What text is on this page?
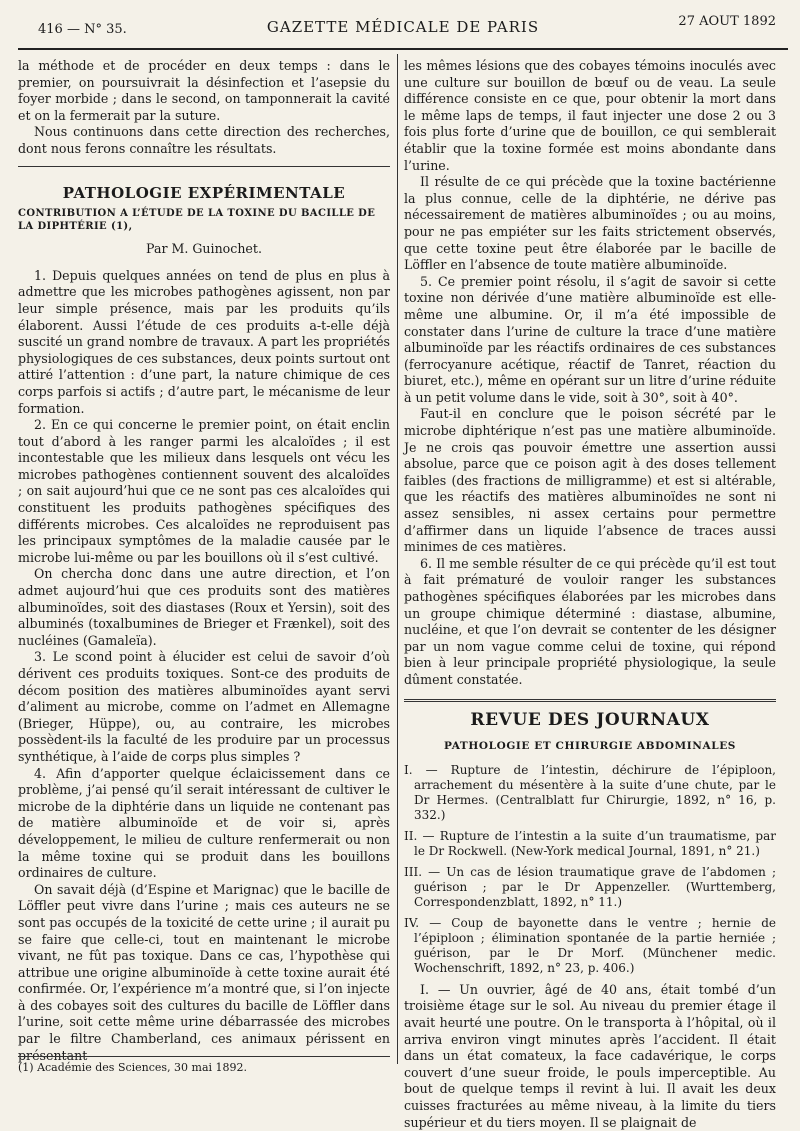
416 — N° 35.	GAZETTE MÉDICALE DE PARIS	27 AOUT 1892

la méthode et de procéder en deux temps : dans le premier, on poursuivrait la désinfection et l’asepsie du foyer morbide ; dans le second, on tamponnerait la cavité et on la fermerait par la suture.

Nous continuons dans cette direction des recherches, dont nous ferons connaître les résultats.

PATHOLOGIE EXPÉRIMENTALE
CONTRIBUTION A L’ÉTUDE DE LA TOXINE DU BACILLE DE LA DIPHTÉRIE (1),
Par M. Guinochet.

1. Depuis quelques années on tend de plus en plus à admettre que les microbes pathogènes agissent, non par leur simple présence, mais par les produits qu’ils élaborent. Aussi l’étude de ces produits a-t-elle déjà suscité un grand nombre de travaux. A part les propriétés physiologiques de ces substances, deux points surtout ont attiré l’attention : d’une part, la nature chimique de ces corps parfois si actifs ; d’autre part, le mécanisme de leur formation.

2. En ce qui concerne le premier point, on était enclin tout d’abord à les ranger parmi les alcaloïdes ; il est incontestable que les milieux dans lesquels ont vécu les microbes pathogènes contiennent souvent des alcaloïdes ; on sait aujourd’hui que ce ne sont pas ces alcaloïdes qui constituent les produits pathogènes spécifiques des différents microbes. Ces alcaloïdes ne reproduisent pas les principaux symptômes de la maladie causée par le microbe lui-même ou par les bouillons où il s’est cultivé.

On chercha donc dans une autre direction, et l’on admet aujourd’hui que ces produits sont des matières albuminoïdes, soit des diastases (Roux et Yersin), soit des albuminés (toxalbumines de Brieger et Frænkel), soit des nucléines (Gamaleïa).

3. Le scond point à élucider est celui de savoir d’où dérivent ces produits toxiques. Sont-ce des produits de décom position des matières albuminoïdes ayant servi d’aliment au microbe, comme on l’admet en Allemagne (Brieger, Hüppe), ou, au contraire, les microbes possèdent-ils la faculté de les produire par un processus synthétique, à l’aide de corps plus simples ?

4. Afin d’apporter quelque éclaicissement dans ce problème, j’ai pensé qu’il serait intéressant de cultiver le microbe de la diphtérie dans un liquide ne contenant pas de matière albuminoïde et de voir si, après développement, le milieu de culture renfermerait ou non la même toxine qui se produit dans les bouillons ordinaires de culture.

On savait déjà (d’Espine et Marignac) que le bacille de Löffler peut vivre dans l’urine ; mais ces auteurs ne se sont pas occupés de la toxicité de cette urine ; il aurait pu se faire que celle-ci, tout en maintenant le microbe vivant, ne fût pas toxique. Dans ce cas, l’hypothèse qui attribue une origine albuminoïde à cette toxine aurait été confirmée. Or, l’expérience m’a montré que, si l’on injecte à des cobayes soit des cultures du bacille de Löffler dans l’urine, soit cette même urine débarrassée des microbes par le filtre Chamberland, ces animaux périssent en présentant

(1) Académie des Sciences, 30 mai 1892.

les mêmes lésions que des cobayes témoins inoculés avec une culture sur bouillon de bœuf ou de veau. La seule différence consiste en ce que, pour obtenir la mort dans le même laps de temps, il faut injecter une dose 2 ou 3 fois plus forte d’urine que de bouillon, ce qui semblerait établir que la toxine formée est moins abondante dans l’urine.

Il résulte de ce qui précède que la toxine bactérienne la plus connue, celle de la diphtérie, ne dérive pas nécessairement de matières albuminoïdes ; ou au moins, pour ne pas empiéter sur les faits strictement observés, que cette toxine peut être élaborée par le bacille de Löffler en l’absence de toute matière albuminoïde.

5. Ce premier point résolu, il s’agit de savoir si cette toxine non dérivée d’une matière albuminoïde est elle-même une albumine. Or, il m’a été impossible de constater dans l’urine de culture la trace d’une matière albuminoïde par les réactifs ordinaires de ces substances (ferrocyanure acétique, réactif de Tanret, réaction du biuret, etc.), même en opérant sur un litre d’urine réduite à un petit volume dans le vide, soit à 30°, soit à 40°.

Faut-il en conclure que le poison sécrété par le microbe diphtérique n’est pas une matière albuminoïde. Je ne crois qas pouvoir émettre une assertion aussi absolue, parce que ce poison agit à des doses tellement faibles (des fractions de milligramme) et est si altérable, que les réactifs des matières albuminoïdes ne sont ni assez sensibles, ni assex certains pour permettre d’affirmer dans un liquide l’absence de traces aussi minimes de ces matières.

6. Il me semble résulter de ce qui précède qu’il est tout à fait prématuré de vouloir ranger les substances pathogènes spécifiques élaborées par les microbes dans un groupe chimique déterminé : diastase, albumine, nucléine, et que l’on devrait se contenter de les désigner par un nom vague comme celui de toxine, qui répond bien à leur principale propriété physiologique, la seule dûment constatée.

REVUE DES JOURNAUX
PATHOLOGIE ET CHIRURGIE ABDOMINALES
I. — Rupture de l’intestin, déchirure de l’épiploon, arrachement du mésentère à la suite d’une chute, par le Dr Hermes. (Centralblatt fur Chirurgie, 1892, n° 16, p. 332.)
II. — Rupture de l’intestin a la suite d’un traumatisme, par le Dr Rockwell. (New-York medical Journal, 1891, n° 21.)
III. — Un cas de lésion traumatique grave de l’abdomen ; guérison ; par le Dr Appenzeller. (Wurttemberg, Correspondenzblatt, 1892, n° 11.)
IV. — Coup de bayonette dans le ventre ; hernie de l’épiploon ; élimination spontanée de la partie herniée ; guérison, par le Dr Morf. (Münchener medic. Wochenschrift, 1892, n° 23, p. 406.)

I. — Un ouvrier, âgé de 40 ans, était tombé d’un troisième étage sur le sol. Au niveau du premier étage il avait heurté une poutre. On le transporta à l’hôpital, où il arriva environ vingt minutes après l’accident. Il était dans un état comateux, la face cadavérique, le corps couvert d’une sueur froide, le pouls imperceptible. Au bout de quelque temps il revint à lui. Il avait les deux cuisses fracturées au même niveau, à la limite du tiers supérieur et du tiers moyen. Il se plaignait de
